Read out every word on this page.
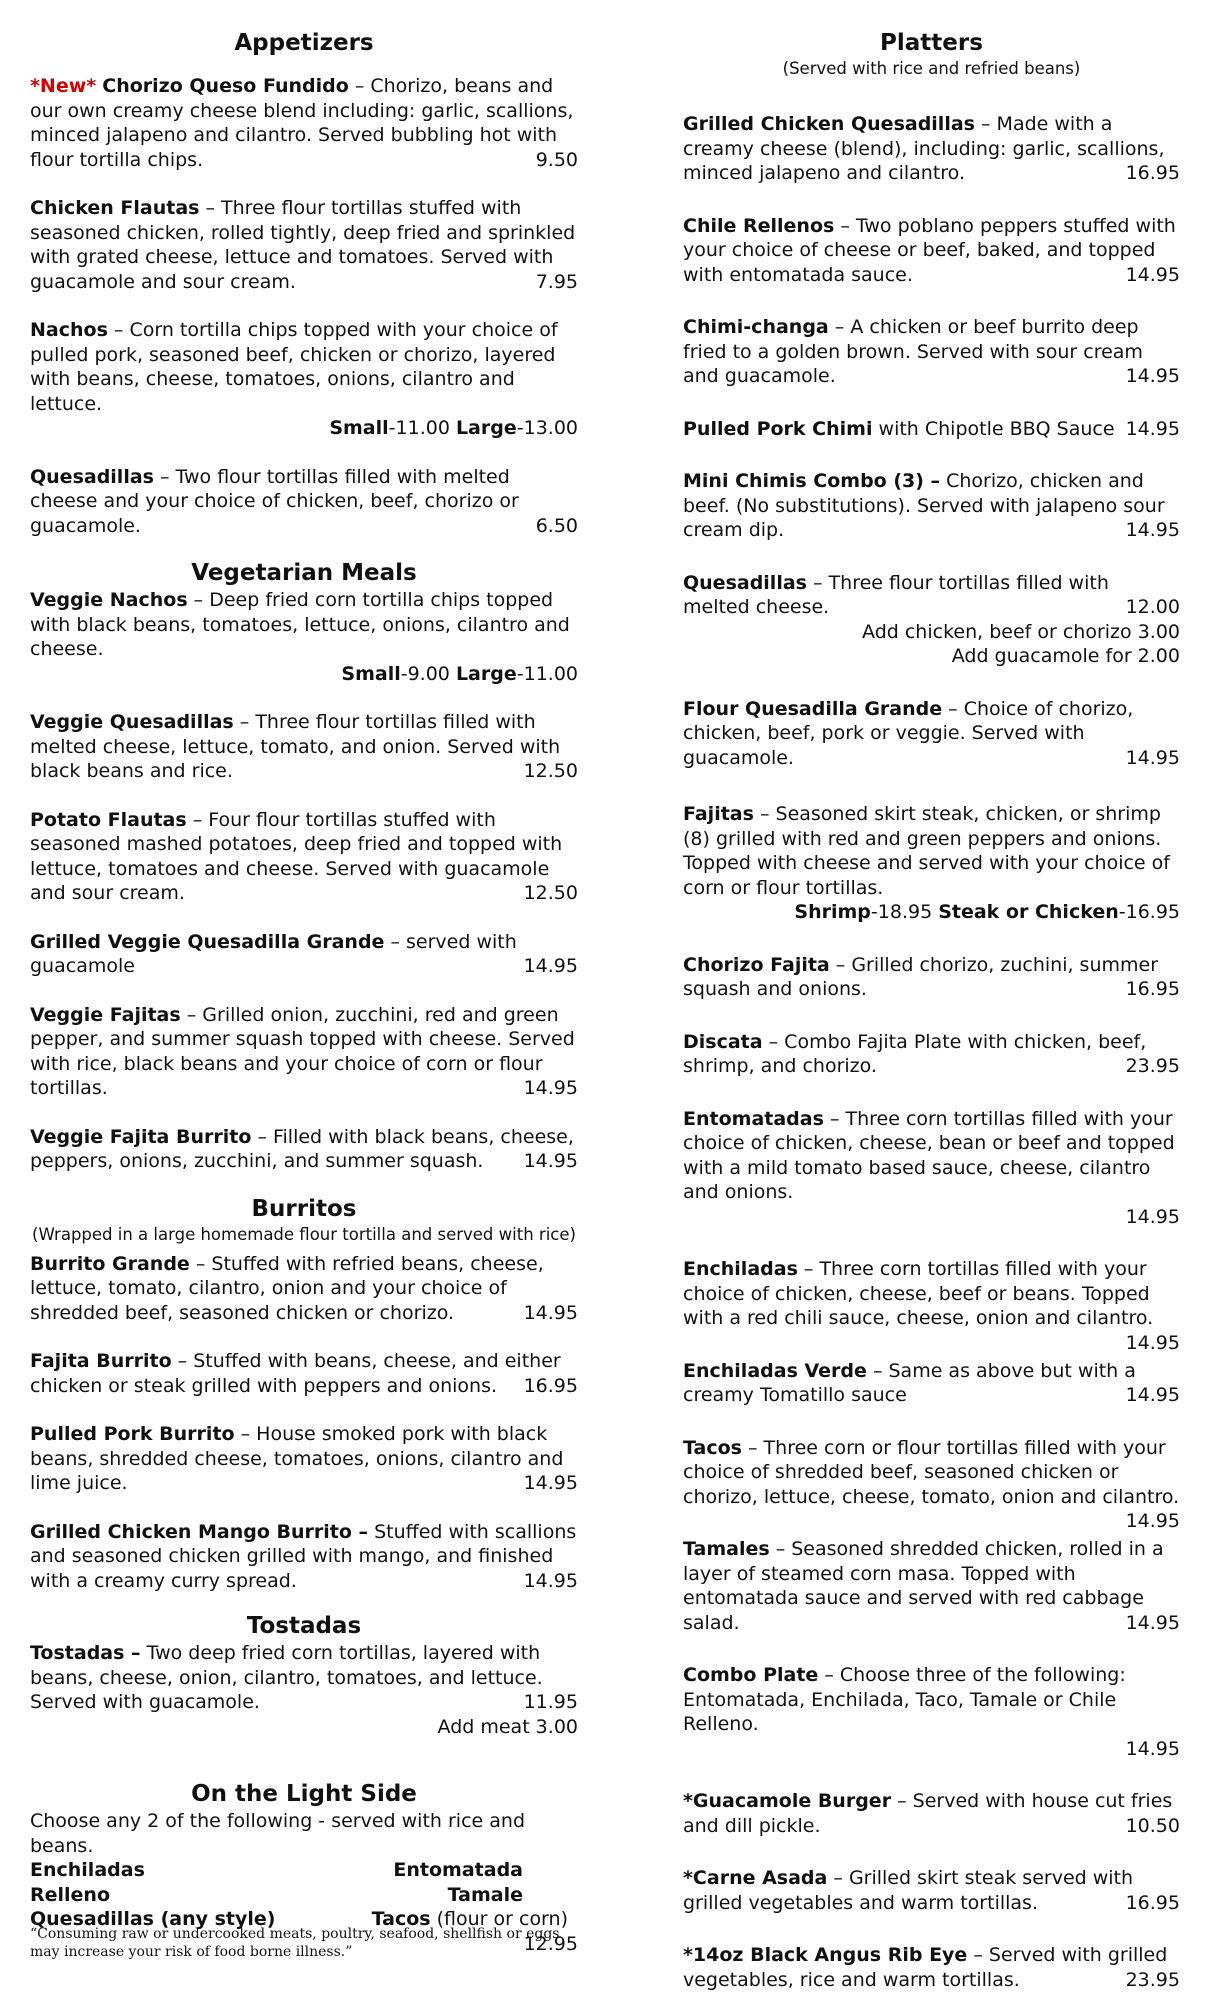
Appetizers

*New* Chorizo Queso Fundido – Chorizo, beans and our own creamy cheese blend including: garlic, scallions, minced jalapeno and cilantro. Served bubbling hot with flour tortilla chips.	9.50

Chicken Flautas – Three flour tortillas stuffed with seasoned chicken, rolled tightly, deep fried and sprinkled with grated cheese, lettuce and tomatoes. Served with guacamole and sour cream.	7.95

Nachos – Corn tortilla chips topped with your choice of pulled pork, seasoned beef, chicken or chorizo, layered with beans, cheese, tomatoes, onions, cilantro and lettuce.

Small-11.00 Large-13.00

Quesadillas – Two flour tortillas filled with melted cheese and your choice of chicken, beef, chorizo or guacamole.	6.50

Vegetarian Meals

Veggie Nachos – Deep fried corn tortilla chips topped with black beans, tomatoes, lettuce, onions, cilantro and cheese.

Small-9.00 Large-11.00

Veggie Quesadillas – Three flour tortillas filled with melted cheese, lettuce, tomato, and onion. Served with black beans and rice.	12.50

Potato Flautas – Four flour tortillas stuffed with seasoned mashed potatoes, deep fried and topped with lettuce, tomatoes and cheese. Served with guacamole and sour cream.	12.50

Grilled Veggie Quesadilla Grande – served with guacamole	14.95

Veggie Fajitas – Grilled onion, zucchini, red and green pepper, and summer squash topped with cheese. Served with rice, black beans and your choice of corn or flour tortillas.	14.95

Veggie Fajita Burrito – Filled with black beans, cheese, peppers, onions, zucchini, and summer squash. 14.95

Burritos

(Wrapped in a large homemade flour tortilla and served with rice)

Burrito Grande – Stuffed with refried beans, cheese, lettuce, tomato, cilantro, onion and your choice of shredded beef, seasoned chicken or chorizo.	14.95

Fajita Burrito – Stuffed with beans, cheese, and either chicken or steak grilled with peppers and onions. 16.95

Pulled Pork Burrito – House smoked pork with black beans, shredded cheese, tomatoes, onions, cilantro and lime juice.	14.95

Grilled Chicken Mango Burrito – Stuffed with scallions and seasoned chicken grilled with mango, and finished with a creamy curry spread.	14.95

Tostadas

Tostadas – Two deep fried corn tortillas, layered with beans, cheese, onion, cilantro, tomatoes, and lettuce. Served with guacamole.	11.95

Add meat 3.00
On the Light Side

Choose any 2 of the following - served with rice and beans.

Enchiladas	Entomatada
Relleno	Tamale
Quesadillas (any style)	Tacos (flour or corn)
12.95
Platters

(Served with rice and refried beans)

Grilled Chicken Quesadillas – Made with a creamy cheese (blend), including: garlic, scallions, minced jalapeno and cilantro.	16.95

Chile Rellenos – Two poblano peppers stuffed with your choice of cheese or beef, baked, and topped with entomatada sauce.	14.95

Chimi-changa – A chicken or beef burrito deep fried to a golden brown. Served with sour cream and guacamole.	14.95

Pulled Pork Chimi with Chipotle BBQ Sauce 14.95

Mini Chimis Combo (3) – Chorizo, chicken and beef. (No substitutions). Served with jalapeno sour cream dip.	14.95

Quesadillas – Three flour tortillas filled with melted cheese.	12.00

Add chicken, beef or chorizo 3.00
Add guacamole for 2.00

Flour Quesadilla Grande – Choice of chorizo, chicken, beef, pork or veggie. Served with guacamole.	14.95

Fajitas – Seasoned skirt steak, chicken, or shrimp (8) grilled with red and green peppers and onions. Topped with cheese and served with your choice of corn or flour tortillas.

Shrimp-18.95 Steak or Chicken-16.95

Chorizo Fajita – Grilled chorizo, zuchini, summer squash and onions.	16.95

Discata – Combo Fajita Plate with chicken, beef, shrimp, and chorizo.	23.95

Entomatadas – Three corn tortillas filled with your choice of chicken, cheese, bean or beef and topped with a mild tomato based sauce, cheese, cilantro and onions.

14.95

Enchiladas – Three corn tortillas filled with your choice of chicken, cheese, beef or beans. Topped with a red chili sauce, cheese, onion and cilantro.
14.95

Enchiladas Verde – Same as above but with a creamy Tomatillo sauce	14.95

Tacos – Three corn or flour tortillas filled with your choice of shredded beef, seasoned chicken or chorizo, lettuce, cheese, tomato, onion and cilantro.
14.95

Tamales – Seasoned shredded chicken, rolled in a layer of steamed corn masa. Topped with entomatada sauce and served with red cabbage salad.	14.95

Combo Plate – Choose three of the following: Entomatada, Enchilada, Taco, Tamale or Chile Relleno.

14.95

*Guacamole Burger – Served with house cut fries and dill pickle.	10.50

*Carne Asada – Grilled skirt steak served with grilled vegetables and warm tortillas.	16.95

*14oz Black Angus Rib Eye – Served with grilled vegetables, rice and warm tortillas.	23.95

“Consuming raw or undercooked meats, poultry, seafood, shellfish or eggs may increase your risk of food borne illness.”
